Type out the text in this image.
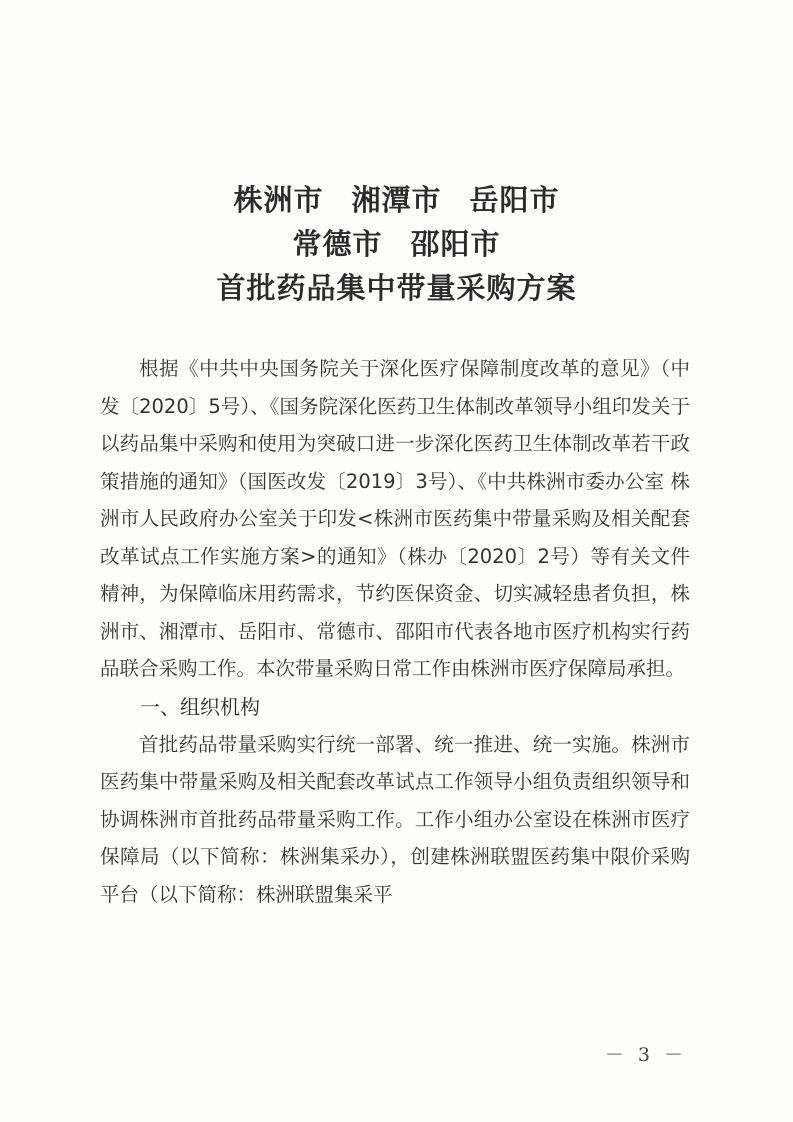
株洲市 湘潭市 岳阳市
常德市 邵阳市
首批药品集中带量采购方案

根据《中共中央国务院关于深化医疗保障制度改革的意见》（中发〔2020〕5号）、《国务院深化医药卫生体制改革领导小组印发关于以药品集中采购和使用为突破口进一步深化医药卫生体制改革若干政策措施的通知》（国医改发〔2019〕3号）、《中共株洲市委办公室 株洲市人民政府办公室关于印发<株洲市医药集中带量采购及相关配套改革试点工作实施方案>的通知》（株办〔2020〕2号）等有关文件精神，为保障临床用药需求，节约医保资金、切实减轻患者负担，株洲市、湘潭市、岳阳市、常德市、邵阳市代表各地市医疗机构实行药品联合采购工作。本次带量采购日常工作由株洲市医疗保障局承担。

一、组织机构

首批药品带量采购实行统一部署、统一推进、统一实施。株洲市医药集中带量采购及相关配套改革试点工作领导小组负责组织领导和协调株洲市首批药品带量采购工作。工作小组办公室设在株洲市医疗保障局（以下简称：株洲集采办），创建株洲联盟医药集中限价采购平台（以下简称：株洲联盟集采平

－ 3 －
